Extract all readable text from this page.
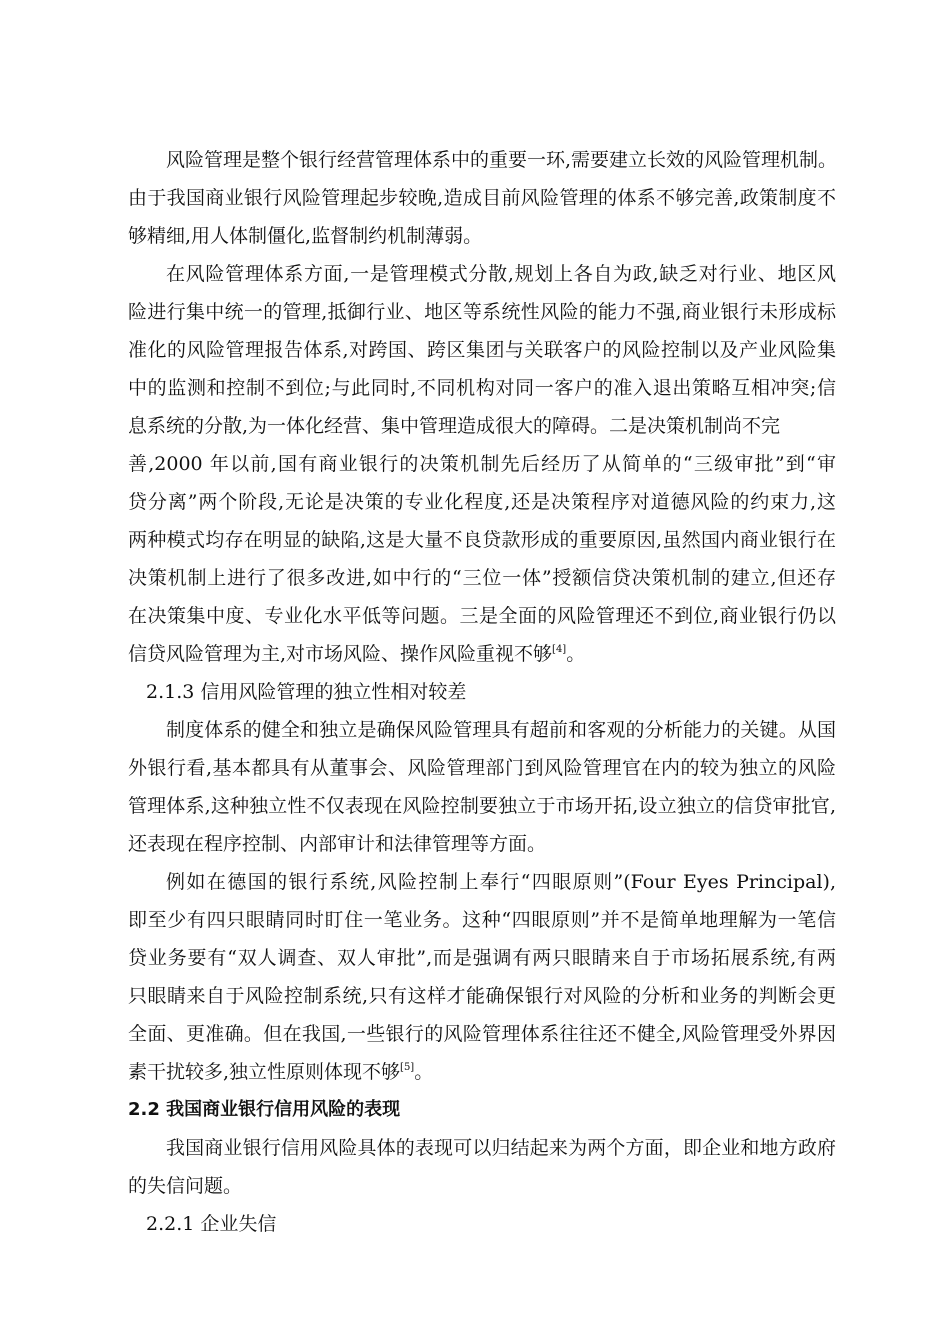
风险管理是整个银行经营管理体系中的重要一环,需要建立长效的风险管理机制。
由于我国商业银行风险管理起步较晚,造成目前风险管理的体系不够完善,政策制度不
够精细,用人体制僵化,监督制约机制薄弱。
在风险管理体系方面,一是管理模式分散,规划上各自为政,缺乏对行业、地区风
险进行集中统一的管理,抵御行业、地区等系统性风险的能力不强,商业银行未形成标
准化的风险管理报告体系,对跨国、跨区集团与关联客户的风险控制以及产业风险集
中的监测和控制不到位;与此同时,不同机构对同一客户的准入退出策略互相冲突;信
息系统的分散,为一体化经营、集中管理造成很大的障碍。二是决策机制尚不完
善,2000 年以前,国有商业银行的决策机制先后经历了从简单的“三级审批”到“审
贷分离”两个阶段,无论是决策的专业化程度,还是决策程序对道德风险的约束力,这
两种模式均存在明显的缺陷,这是大量不良贷款形成的重要原因,虽然国内商业银行在
决策机制上进行了很多改进,如中行的“三位一体”授额信贷决策机制的建立,但还存
在决策集中度、专业化水平低等问题。三是全面的风险管理还不到位,商业银行仍以
信贷风险管理为主,对市场风险、操作风险重视不够[4]。
2.1.3 信用风险管理的独立性相对较差
制度体系的健全和独立是确保风险管理具有超前和客观的分析能力的关键。从国
外银行看,基本都具有从董事会、风险管理部门到风险管理官在内的较为独立的风险
管理体系,这种独立性不仅表现在风险控制要独立于市场开拓,设立独立的信贷审批官,
还表现在程序控制、内部审计和法律管理等方面。
例如在德国的银行系统,风险控制上奉行“四眼原则”(Four Eyes Principal),
即至少有四只眼睛同时盯住一笔业务。这种“四眼原则”并不是简单地理解为一笔信
贷业务要有“双人调查、双人审批”,而是强调有两只眼睛来自于市场拓展系统,有两
只眼睛来自于风险控制系统,只有这样才能确保银行对风险的分析和业务的判断会更
全面、更准确。但在我国,一些银行的风险管理体系往往还不健全,风险管理受外界因
素干扰较多,独立性原则体现不够[5]。
2.2 我国商业银行信用风险的表现
我国商业银行信用风险具体的表现可以归结起来为两个方面，即企业和地方政府
的失信问题。
2.2.1 企业失信
